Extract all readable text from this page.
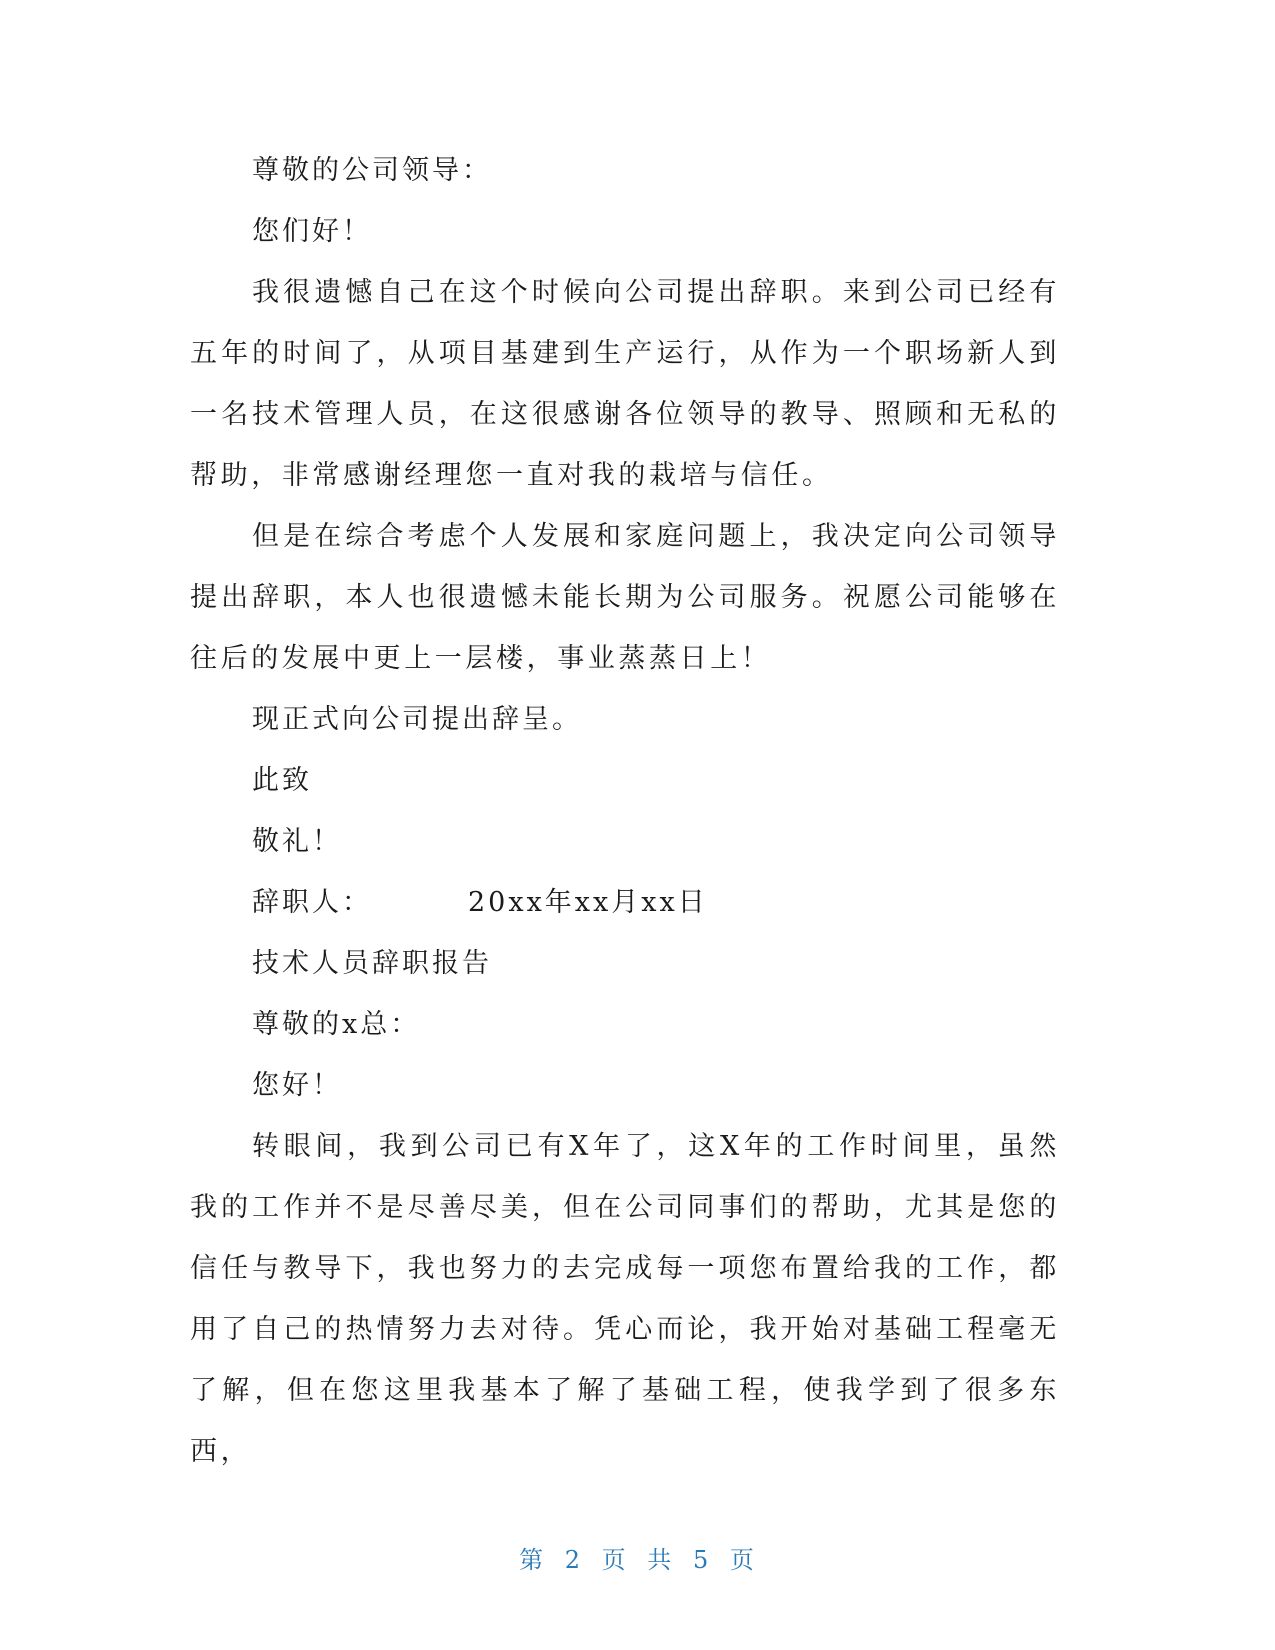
尊敬的公司领导：
您们好！

我很遗憾自己在这个时候向公司提出辞职。来到公司已经有五年的时间了，从项目基建到生产运行，从作为一个职场新人到一名技术管理人员，在这很感谢各位领导的教导、照顾和无私的帮助，非常感谢经理您一直对我的栽培与信任。

但是在综合考虑个人发展和家庭问题上，我决定向公司领导提出辞职，本人也很遗憾未能长期为公司服务。祝愿公司能够在往后的发展中更上一层楼，事业蒸蒸日上！

现正式向公司提出辞呈。
此致
敬礼！
辞职人：	20xx年xx月xx日
技术人员辞职报告
尊敬的x总：
您好！

转眼间，我到公司已有X年了，这X年的工作时间里，虽然我的工作并不是尽善尽美，但在公司同事们的帮助，尤其是您的信任与教导下，我也努力的去完成每一项您布置给我的工作，都用了自己的热情努力去对待。凭心而论，我开始对基础工程毫无了解，但在您这里我基本了解了基础工程，使我学到了很多东西，

第 2 页 共 5 页
